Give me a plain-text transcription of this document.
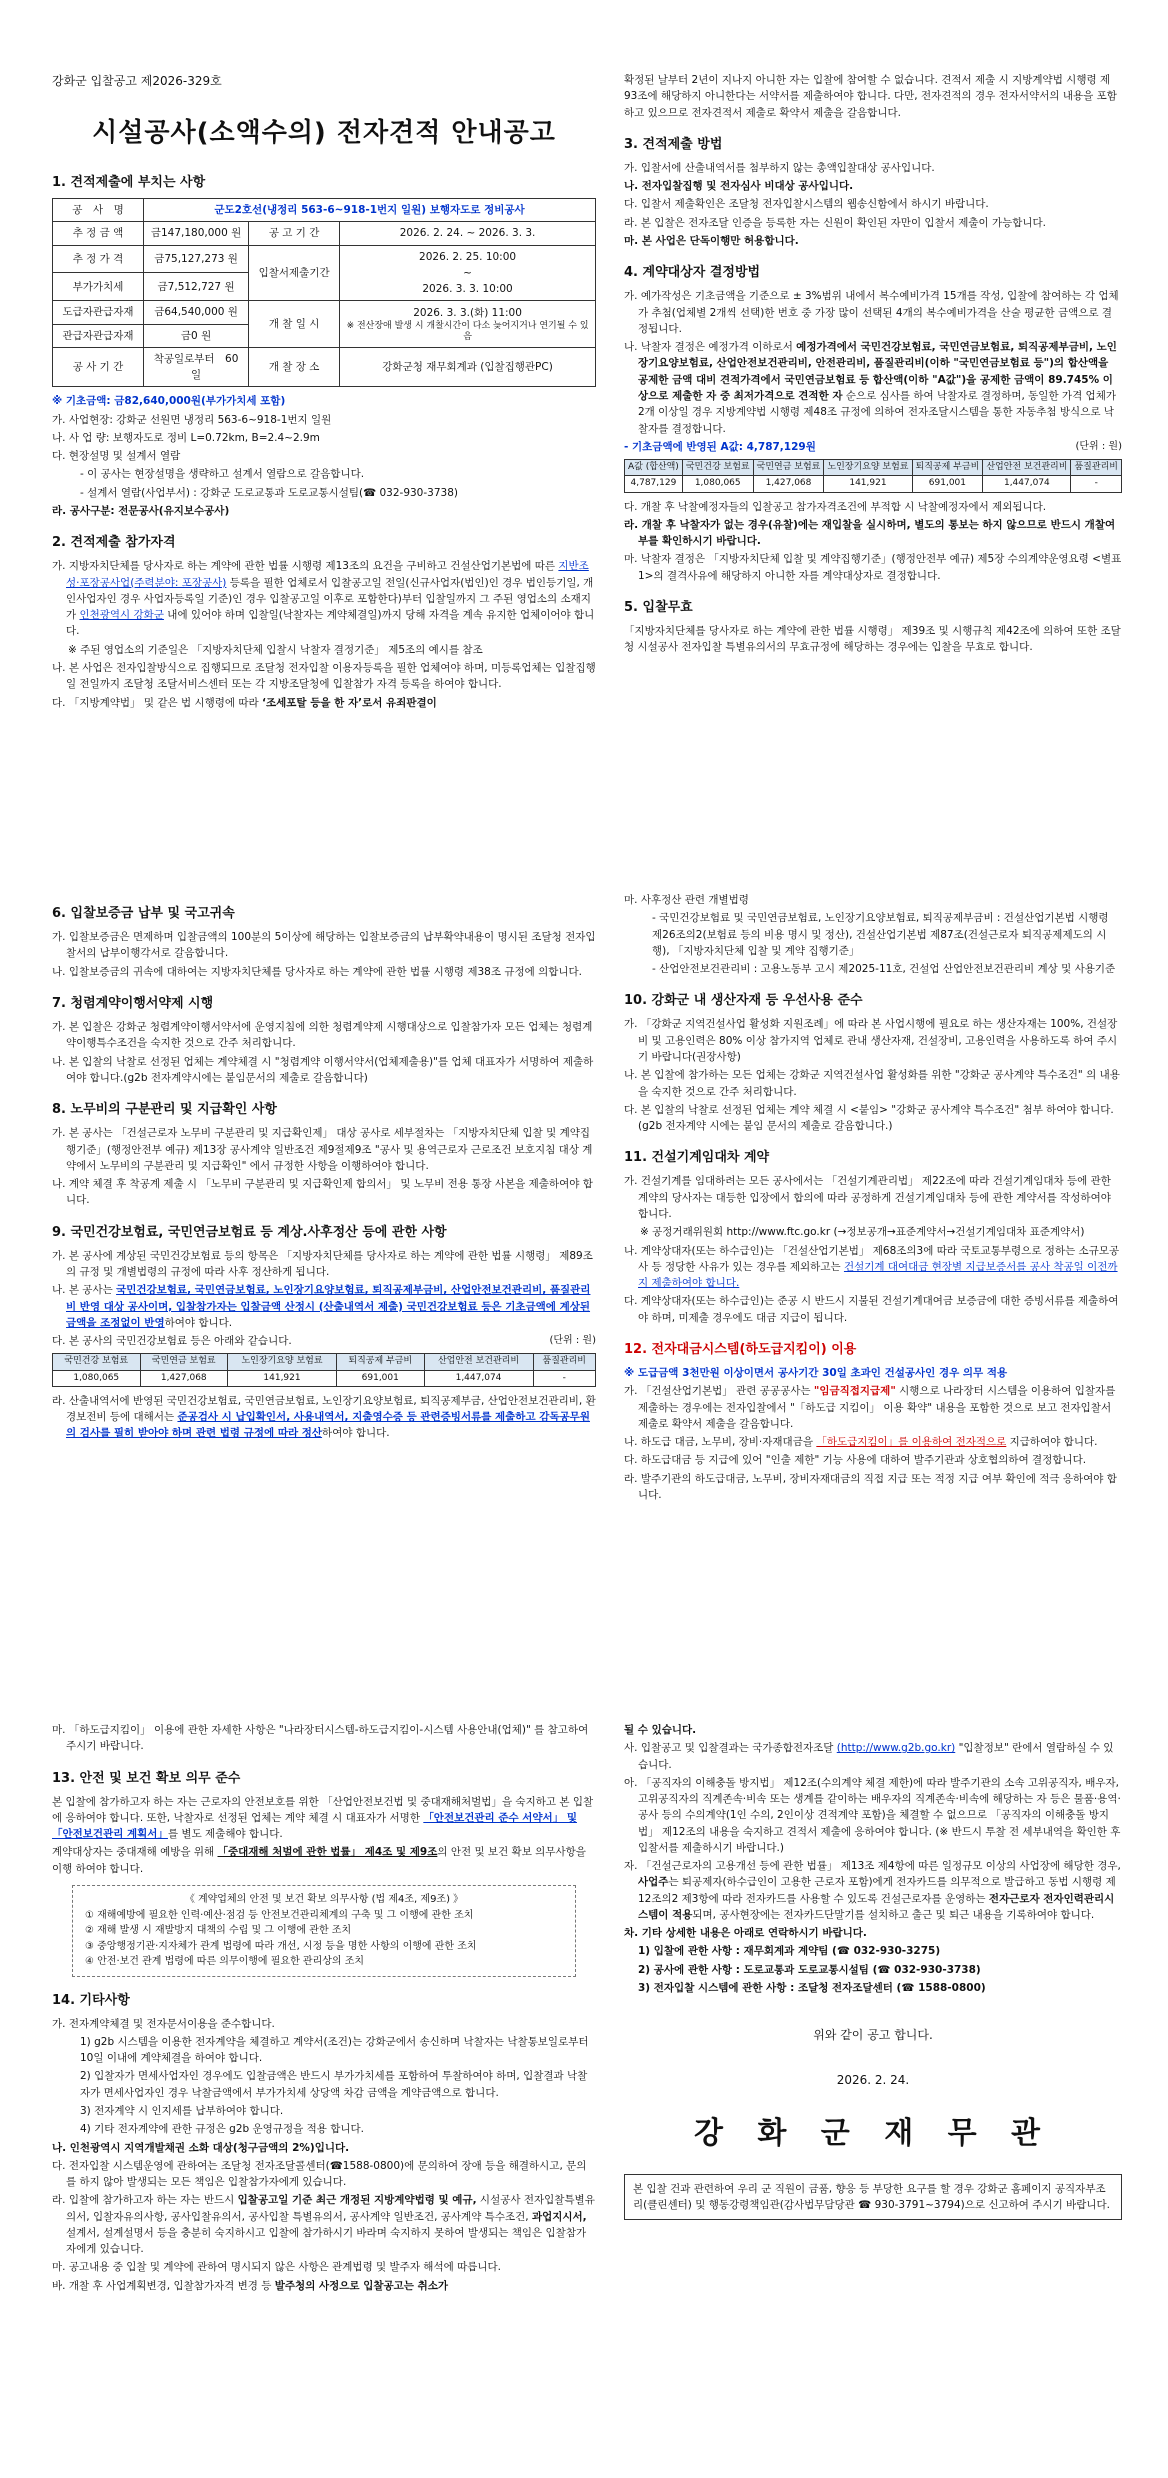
강화군 입찰공고 제2026-329호

시설공사(소액수의) 전자견적 안내공고
1. 견적제출에 부치는 사항
공　사　명	군도2호선(냉정리 563-6~918-1번지 일원) 보행자도로 정비공사		
추 정 금 액	금147,180,000 원	공 고 기 간	2026. 2. 24. ~ 2026. 3. 3.
추 정 가 격	금75,127,273 원	입찰서제출기간	2026. 2. 25. 10:00
~
2026. 3. 3. 10:00

부가가치세	금7,512,727 원		
도급자관급자재	금64,540,000 원	개 찰 일 시	2026. 3. 3.(화) 11:00
※ 전산장애 발생 시 개찰시간이 다소 늦어지거나 연기될 수 있음

관급자관급자재	금0 원		
공 사 기 간	착공일로부터　60일	개 찰 장 소	강화군청 재무회계과 (입찰집행관PC)

※ 기초금액: 금82,640,000원(부가가치세 포함)

가. 사업현장: 강화군 선원면 냉정리 563-6~918-1번지 일원

나. 사 업 량: 보행자도로 정비 L=0.72km, B=2.4~2.9m

다. 현장설명 및 설계서 열람

- 이 공사는 현장설명을 생략하고 설계서 열람으로 갈음합니다.

- 설계서 열람(사업부서) : 강화군 도로교통과 도로교통시설팀(☎ 032-930-3738)

라. 공사구분: 전문공사(유지보수공사)

2. 견적제출 참가자격

가. 지방자치단체를 당사자로 하는 계약에 관한 법률 시행령 제13조의 요건을 구비하고 건설산업기본법에 따른 지반조성·포장공사업(주력분야: 포장공사) 등록을 필한 업체로서 입찰공고일 전일(신규사업자(법인)인 경우 법인등기일, 개인사업자인 경우 사업자등록일 기준)인 경우 입찰공고일 이후로 포함한다)부터 입찰일까지 그 주된 영업소의 소재지가 인천광역시 강화군 내에 있어야 하며 입찰일(낙찰자는 계약체결일)까지 당해 자격을 계속 유지한 업체이어야 합니다.

※ 주된 영업소의 기준일은 「지방자치단체 입찰시 낙찰자 결정기준」 제5조의 예시를 참조

나. 본 사업은 전자입찰방식으로 집행되므로 조달청 전자입찰 이용자등록을 필한 업체여야 하며, 미등록업체는 입찰집행일 전일까지 조달청 조달서비스센터 또는 각 지방조달청에 입찰참가 자격 등록을 하여야 합니다.

다. 「지방계약법」 및 같은 법 시행령에 따라 ‘조세포탈 등을 한 자’로서 유죄판결이

확정된 날부터 2년이 지나지 아니한 자는 입찰에 참여할 수 없습니다. 견적서 제출 시 지방계약법 시행령 제93조에 해당하지 아니한다는 서약서를 제출하여야 합니다. 다만, 전자견적의 경우 전자서약서의 내용을 포함하고 있으므로 전자견적서 제출로 확약서 제출을 갈음합니다.

3. 견적제출 방법

가. 입찰서에 산출내역서를 첨부하지 않는 총액입찰대상 공사입니다.

나. 전자입찰집행 및 전자심사 비대상 공사입니다.

다. 입찰서 제출확인은 조달청 전자입찰시스템의 웹송신함에서 하시기 바랍니다.

라. 본 입찰은 전자조달 인증을 등록한 자는 신원이 확인된 자만이 입찰서 제출이 가능합니다.

마. 본 사업은 단독이행만 허용합니다.

4. 계약대상자 결정방법

가. 예가작성은 기초금액을 기준으로 ± 3%범위 내에서 복수예비가격 15개를 작성, 입찰에 참여하는 각 업체가 추첨(업체별 2개씩 선택)한 번호 중 가장 많이 선택된 4개의 복수예비가격을 산술 평균한 금액으로 결정됩니다.

나. 낙찰자 결정은 예정가격 이하로서 예정가격에서 국민건강보험료, 국민연금보험료, 퇴직공제부금비, 노인장기요양보험료, 산업안전보건관리비, 안전관리비, 품질관리비(이하 "국민연금보험료 등")의 합산액을 공제한 금액 대비 견적가격에서 국민연금보험료 등 합산액(이하 "A값")을 공제한 금액이 89.745% 이상으로 제출한 자 중 최저가격으로 견적한 자 순으로 심사를 하여 낙찰자로 결정하며, 동일한 가격 업체가 2개 이상일 경우 지방계약법 시행령 제48조 규정에 의하여 전자조달시스템을 통한 자동추첨 방식으로 낙찰자를 결정합니다.

- 기초금액에 반영된 A값: 4,787,129원	(단위 : 원)
A값 (합산액)	국민건강 보험료	국민연금 보험료	노인장기요양 보험료	퇴직공제 부금비	산업안전 보건관리비	품질관리비
4,787,129	1,080,065	1,427,068	141,921	691,001	1,447,074	-

다. 개찰 후 낙찰예정자들의 입찰공고 참가자격조건에 부적합 시 낙찰예정자에서 제외됩니다.

라. 개찰 후 낙찰자가 없는 경우(유찰)에는 재입찰을 실시하며, 별도의 통보는 하지 않으므로 반드시 개찰여부를 확인하시기 바랍니다.

마. 낙찰자 결정은 「지방자치단체 입찰 및 계약집행기준」(행정안전부 예규) 제5장 수의계약운영요령 <별표 1>의 결격사유에 해당하지 아니한 자를 계약대상자로 결정합니다.

5. 입찰무효

「지방자치단체를 당사자로 하는 계약에 관한 법률 시행령」 제39조 및 시행규칙 제42조에 의하여 또한 조달청 시설공사 전자입찰 특별유의서의 무효규정에 해당하는 경우에는 입찰을 무효로 합니다.

6. 입찰보증금 납부 및 국고귀속

가. 입찰보증금은 면제하며 입찰금액의 100분의 5이상에 해당하는 입찰보증금의 납부확약내용이 명시된 조달청 전자입찰서의 납부이행각서로 갈음합니다.

나. 입찰보증금의 귀속에 대하여는 지방자치단체를 당사자로 하는 계약에 관한 법률 시행령 제38조 규정에 의합니다.

7. 청렴계약이행서약제 시행

가. 본 입찰은 강화군 청렴계약이행서약서에 운영지침에 의한 청렴계약제 시행대상으로 입찰참가자 모든 업체는 청렴계약이행특수조건을 숙지한 것으로 간주 처리합니다.

나. 본 입찰의 낙찰로 선정된 업체는 계약체결 시 "청렴계약 이행서약서(업체제출용)"를 업체 대표자가 서명하여 제출하여야 합니다.(g2b 전자계약시에는 붙임문서의 제출로 갈음합니다)

8. 노무비의 구분관리 및 지급확인 사항

가. 본 공사는 「건설근로자 노무비 구분관리 및 지급확인제」 대상 공사로 세부절차는 「지방자치단체 입찰 및 계약집행기준」(행정안전부 예규) 제13장 공사계약 일반조건 제9절제9조 "공사 및 용역근로자 근로조건 보호지침 대상 계약에서 노무비의 구분관리 및 지급확인" 에서 규정한 사항을 이행하여야 합니다.

나. 계약 체결 후 착공계 제출 시 「노무비 구분관리 및 지급확인제 합의서」 및 노무비 전용 통장 사본을 제출하여야 합니다.

9. 국민건강보험료, 국민연금보험료 등 계상.사후정산 등에 관한 사항

가. 본 공사에 계상된 국민건강보험료 등의 항목은 「지방자치단체를 당사자로 하는 계약에 관한 법률 시행령」 제89조의 규정 및 개별법령의 규정에 따라 사후 정산하게 됩니다.

나. 본 공사는 국민건강보험료, 국민연금보험료, 노인장기요양보험료, 퇴직공제부금비, 산업안전보건관리비, 품질관리비 반영 대상 공사이며, 입찰참가자는 입찰금액 산정시 (산출내역서 제출) 국민건강보험료 등은 기초금액에 계상된 금액을 조정없이 반영하여야 합니다.

다. 본 공사의 국민건강보험료 등은 아래와 같습니다.	(단위 : 원)
국민건강 보험료	국민연금 보험료	노인장기요양 보험료	퇴직공제 부금비	산업안전 보건관리비	품질관리비
1,080,065	1,427,068	141,921	691,001	1,447,074	-

라. 산출내역서에 반영된 국민건강보험료, 국민연금보험료, 노인장기요양보험료, 퇴직공제부금, 산업안전보건관리비, 환경보전비 등에 대해서는 준공검사 시 납입확인서, 사용내역서, 지출영수증 등 관련증빙서류를 제출하고 감독공무원의 검사를 필히 받아야 하며 관련 법령 규정에 따라 정산하여야 합니다.

마. 사후정산 관련 개별법령

- 국민건강보험료 및 국민연금보험료, 노인장기요양보험료, 퇴직공제부금비 : 건설산업기본법 시행령 제26조의2(보험료 등의 비용 명시 및 정산), 건설산업기본법 제87조(건설근로자 퇴직공제제도의 시행), 「지방자치단체 입찰 및 계약 집행기준」

- 산업안전보건관리비 : 고용노동부 고시 제2025-11호, 건설업 산업안전보건관리비 계상 및 사용기준

10. 강화군 내 생산자재 등 우선사용 준수

가. 「강화군 지역건설사업 활성화 지원조례」에 따라 본 사업시행에 필요로 하는 생산자재는 100%, 건설장비 및 고용인력은 80% 이상 참가지역 업체로 관내 생산자재, 건설장비, 고용인력을 사용하도록 하여 주시기 바랍니다(권장사항)

나. 본 입찰에 참가하는 모든 업체는 강화군 지역건설사업 활성화를 위한 "강화군 공사계약 특수조건" 의 내용을 숙지한 것으로 간주 처리합니다.

다. 본 입찰의 낙찰로 선정된 업체는 계약 체결 시 <붙임> "강화군 공사계약 특수조건" 첨부 하여야 합니다.(g2b 전자계약 시에는 붙임 문서의 제출로 갈음합니다.)

11. 건설기계임대차 계약

가. 건설기계를 임대하려는 모든 공사에서는 「건설기계관리법」 제22조에 따라 건설기계임대차 등에 관한 계약의 당사자는 대등한 입장에서 합의에 따라 공정하게 건설기계임대차 등에 관한 계약서를 작성하여야 합니다.

※ 공정거래위원회 http://www.ftc.go.kr (→정보공개→표준계약서→건설기계임대차 표준계약서)

나. 계약상대자(또는 하수급인)는 「건설산업기본법」 제68조의3에 따라 국토교통부령으로 정하는 소규모공사 등 정당한 사유가 있는 경우를 제외하고는 건설기계 대여대금 현장별 지급보증서를 공사 착공일 이전까지 제출하여야 합니다.

다. 계약상대자(또는 하수급인)는 준공 시 반드시 지불된 건설기계대여금 보증금에 대한 증빙서류를 제출하여야 하며, 미제출 경우에도 대금 지급이 됩니다.

12. 전자대금시스템(하도급지킴이) 이용

※ 도급금액 3천만원 이상이면서 공사기간 30일 초과인 건설공사인 경우 의무 적용

가. 「건설산업기본법」 관련 공공공사는 "임금직접지급제" 시행으로 나라장터 시스템을 이용하여 입찰자를 제출하는 경우에는 전자입찰에서 "「하도급 지킴이」 이용 확약" 내용을 포함한 것으로 보고 전자입찰서 제출로 확약서 제출을 갈음합니다.

나. 하도급 대금, 노무비, 장비·자재대금을 「하도급지킴이」를 이용하여 전자적으로 지급하여야 합니다.

다. 하도급대금 등 지급에 있어 "인출 제한" 기능 사용에 대하여 발주기관과 상호협의하여 결정합니다.

라. 발주기관의 하도급대금, 노무비, 장비자재대금의 직접 지급 또는 적정 지급 여부 확인에 적극 응하여야 합니다.

마. 「하도급지킴이」 이용에 관한 자세한 사항은 "나라장터시스템-하도급지킴이-시스템 사용안내(업체)" 를 참고하여 주시기 바랍니다.

13. 안전 및 보건 확보 의무 준수

본 입찰에 참가하고자 하는 자는 근로자의 안전보호를 위한 「산업안전보건법 및 중대재해처벌법」을 숙지하고 본 입찰에 응하여야 합니다. 또한, 낙찰자로 선정된 업체는 계약 체결 시 대표자가 서명한 「안전보건관리 준수 서약서」 및 「안전보건관리 계획서」를 별도 제출해야 합니다.

계약대상자는 중대재해 예방을 위해 「중대재해 처벌에 관한 법률」 제4조 및 제9조의 안전 및 보건 확보 의무사항을 이행 하여야 합니다.

《 계약업체의 안전 및 보건 확보 의무사항 (법 제4조, 제9조) 》
① 재해예방에 필요한 인력·예산·점검 등 안전보건관리체계의 구축 및 그 이행에 관한 조치
② 재해 발생 시 재발방지 대책의 수립 및 그 이행에 관한 조치
③ 중앙행정기관·지자체가 관계 법령에 따라 개선, 시정 등을 명한 사항의 이행에 관한 조치
④ 안전·보건 관계 법령에 따른 의무이행에 필요한 관리상의 조치
14. 기타사항

가. 전자계약체결 및 전자문서이용을 준수합니다.

1) g2b 시스템을 이용한 전자계약을 체결하고 계약서(조건)는 강화군에서 송신하며 낙찰자는 낙찰통보일로부터 10일 이내에 계약체결을 하여야 합니다.

2) 입찰자가 면세사업자인 경우에도 입찰금액은 반드시 부가가치세를 포함하여 투찰하여야 하며, 입찰결과 낙찰자가 면세사업자인 경우 낙찰금액에서 부가가치세 상당액 차감 금액을 계약금액으로 합니다.

3) 전자계약 시 인지세를 납부하여야 합니다.

4) 기타 전자계약에 관한 규정은 g2b 운영규정을 적용 합니다.

나. 인천광역시 지역개발채권 소화 대상(청구금액의 2%)입니다.

다. 전자입찰 시스템운영에 관하여는 조달청 전자조달콜센터(☎1588-0800)에 문의하여 장애 등을 해결하시고, 문의를 하지 않아 발생되는 모든 책임은 입찰참가자에게 있습니다.

라. 입찰에 참가하고자 하는 자는 반드시 입찰공고일 기준 최근 개정된 지방계약법령 및 예규, 시설공사 전자입찰특별유의서, 입찰자유의사항, 공사입찰유의서, 공사입찰 특별유의서, 공사계약 일반조건, 공사계약 특수조건, 과업지시서, 설계서, 설계설명서 등을 충분히 숙지하시고 입찰에 참가하시기 바라며 숙지하지 못하여 발생되는 책임은 입찰참가자에게 있습니다.

마. 공고내용 중 입찰 및 계약에 관하여 명시되지 않은 사항은 관계법령 및 발주자 해석에 따릅니다.

바. 개찰 후 사업계획변경, 입찰참가자격 변경 등 발주청의 사정으로 입찰공고는 취소가

될 수 있습니다.

사. 입찰공고 및 입찰결과는 국가종합전자조달 (http://www.g2b.go.kr) "입찰정보" 란에서 열람하실 수 있습니다.

아. 「공직자의 이해충돌 방지법」 제12조(수의계약 체결 제한)에 따라 발주기관의 소속 고위공직자, 배우자, 고위공직자의 직계존속·비속 또는 생계를 같이하는 배우자의 직계존속·비속에 해당하는 자 등은 물품·용역·공사 등의 수의계약(1인 수의, 2인이상 견적계약 포함)을 체결할 수 없으므로 「공직자의 이해충돌 방지법」 제12조의 내용을 숙지하고 견적서 제출에 응하여야 합니다. (※ 반드시 투찰 전 세부내역을 확인한 후 입찰서를 제출하시기 바랍니다.)

자. 「건설근로자의 고용개선 등에 관한 법률」 제13조 제4항에 따른 일정규모 이상의 사업장에 해당한 경우, 사업주는 퇴공제자(하수급인이 고용한 근로자 포함)에게 전자카드를 의무적으로 발급하고 동법 시행령 제12조의2 제3항에 따라 전자카드를 사용할 수 있도록 건설근로자를 운영하는 전자근로자 전자인력관리시스템이 적용되며, 공사현장에는 전자카드단말기를 설치하고 출근 및 퇴근 내용을 기록하여야 합니다.

차. 기타 상세한 내용은 아래로 연락하시기 바랍니다.

1) 입찰에 관한 사항 : 재무회계과 계약팀 (☎ 032-930-3275)

2) 공사에 관한 사항 : 도로교통과 도로교통시설팀 (☎ 032-930-3738)

3) 전자입찰 시스템에 관한 사항 : 조달청 전자조달센터 (☎ 1588-0800)

위와 같이 공고 합니다.
2026. 2. 24.
강 화 군 재 무 관
본 입찰 건과 관련하여 우리 군 직원이 금품, 향응 등 부당한 요구를 할 경우 강화군 홈페이지 공직자부조리(클린센터) 및 행동강령책임관(감사법무담당관 ☎ 930-3791~3794)으로 신고하여 주시기 바랍니다.
